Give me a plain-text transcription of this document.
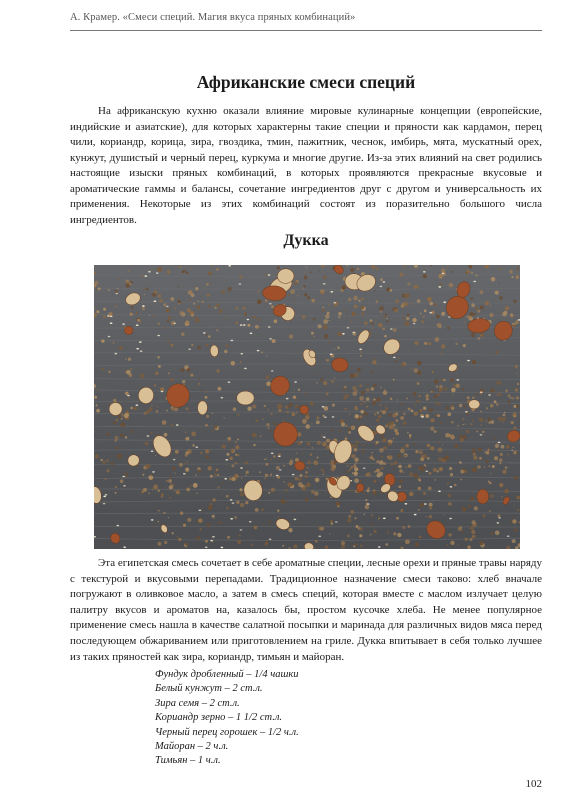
А. Крамер. «Смеси специй. Магия вкуса пряных комбинаций»
Африканские смеси специй

На африканскую кухню оказали влияние мировые кулинарные концепции (европейские, индийские и азиатские), для которых характерны такие специи и пряности как кардамон, перец чили, кориандр, корица, зира, гвоздика, тмин, пажитник, чеснок, имбирь, мята, мускатный орех, кунжут, душистый и черный перец, куркума и многие другие. Из-за этих влияний на свет родились настоящие изыски пряных комбинаций, в которых проявляются прекрасные вкусовые и ароматические гаммы и балансы, сочетание ингредиентов друг с другом и универсальность их применения. Некоторые из этих комбинаций состоят из поразительно большого числа ингредиентов.

Дукка

Эта египетская смесь сочетает в себе ароматные специи, лесные орехи и пряные травы наряду с текстурой и вкусовыми перепадами. Традиционное назначение смеси таково: хлеб вначале погружают в оливковое масло, а затем в смесь специй, которая вместе с маслом излучает целую палитру вкусов и ароматов на, казалось бы, простом кусочке хлеба. Не менее популярное применение смесь нашла в качестве салатной посыпки и маринада для различных видов мяса перед последующем обжариванием или приготовлением на гриле. Дукка впитывает в себя только лучшее из таких пряностей как зира, кориандр, тимьян и майоран.

Фундук дробленный – 1/4 чашки
Белый кунжут – 2 ст.л.
Зира семя – 2 ст.л.
Кориандр зерно – 1 1/2 ст.л.
Черный перец горошек – 1/2 ч.л.
Майоран – 2 ч.л.
Тимьян – 1 ч.л.
102
